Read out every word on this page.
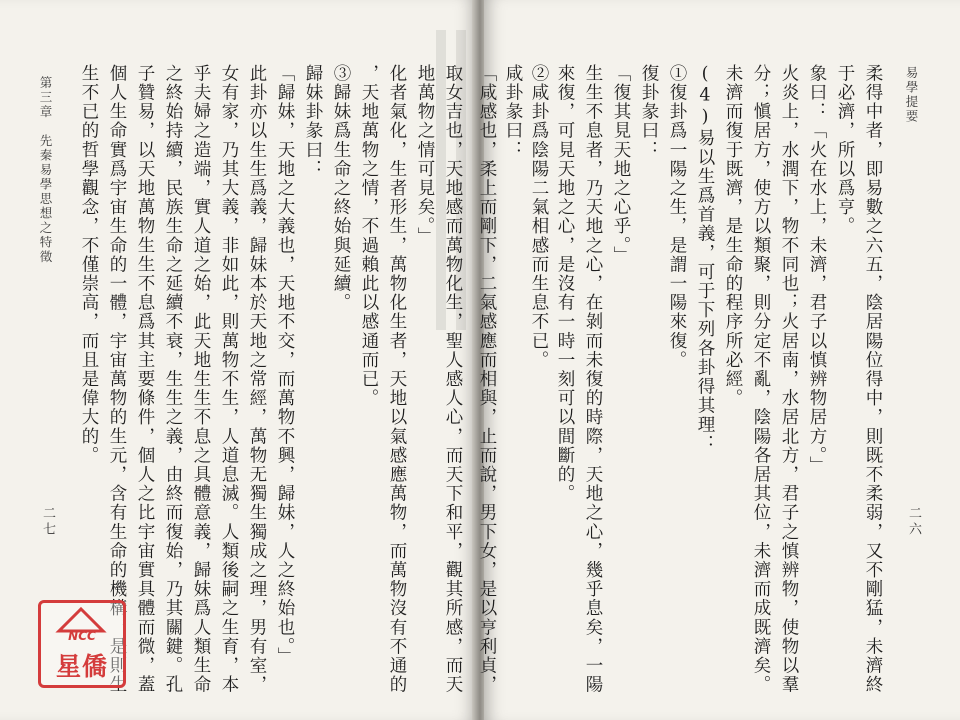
第三章　先秦易學思想之特徵
二七	取女吉也，天地感而萬物化生，聖人感人心，而天下和平，觀其所感，而天
地萬物之情可見矣。」
化者氣化，生者形生，萬物化生者，天地以氣感應萬物，而萬物沒有不通的
，天地萬物之情，不過賴此以感通而已。
③歸妹爲生命之終始與延續。
歸妹卦彖曰：
「歸妹，天地之大義也，天地不交，而萬物不興，歸妹，人之終始也。」
此卦亦以生生爲義，歸妹本於天地之常經，萬物无獨生獨成之理，男有室，
女有家，乃其大義，非如此，則萬物不生，人道息滅。人類後嗣之生育，本
乎夫婦之造端，實人道之始，此天地生生不息之具體意義，歸妹爲人類生命
之終始持續，民族生命之延續不衰，生生之義，由終而復始，乃其關鍵。孔
子贊易，以天地萬物生生不息爲其主要條件，個人之比宇宙實具體而微，蓋
個人生命實爲宇宙生命的一體，宇宙萬物的生元，含有生命的機構，是則生
生不已的哲學觀念，不僅崇高，而且是偉大的。
NCC
星僑
易學提要
二六
柔得中者，即易數之六五，陰居陽位得中，則既不柔弱，又不剛猛，未濟終
于必濟，所以爲亨。
象曰：「火在水上，未濟，君子以慎辨物居方。」
火炎上，水潤下，物不同也；火居南，水居北方，君子之慎辨物，使物以羣
分；愼居方，使方以類聚，則分定不亂，陰陽各居其位，未濟而成既濟矣。
未濟而復于既濟，是生命的程序所必經。
(4)易以生爲首義，可于下列各卦得其理：
①復卦爲一陽之生，是謂一陽來復。
復卦彖曰：
「復其見天地之心乎。」
生生不息者，乃天地之心，在剝而未復的時際，天地之心，幾乎息矣，一陽
來復，可見天地之心，是沒有一時一刻可以間斷的。
②咸卦爲陰陽二氣相感而生息不已。
咸卦彖曰：
「咸感也，柔上而剛下，二氣感應而相與，止而說，男下女，是以亨利貞，
